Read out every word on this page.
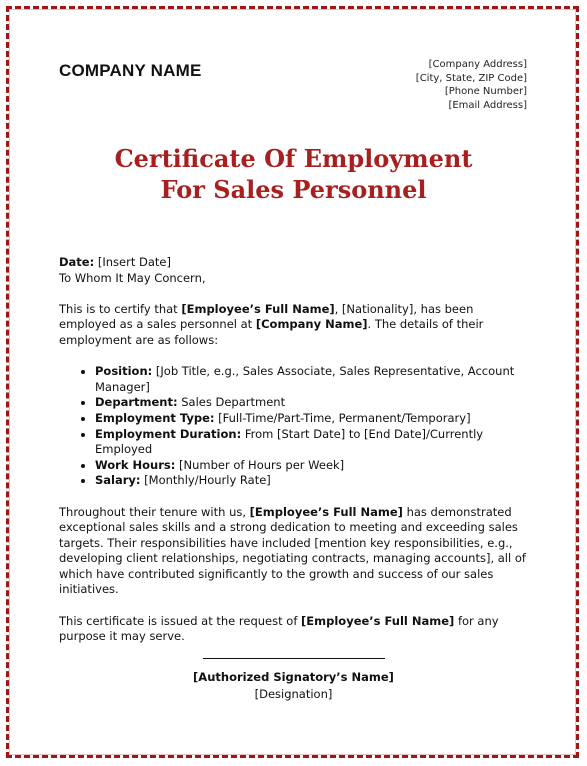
COMPANY NAME	[Company Address]
[City, State, ZIP Code]
[Phone Number]
[Email Address]
Certificate Of Employment
For Sales Personnel

Date: [Insert Date]

To Whom It May Concern,

This is to certify that [Employee’s Full Name], [Nationality], has been employed as a sales personnel at [Company Name]. The details of their employment are as follows:

• Position: [Job Title, e.g., Sales Associate, Sales Representative, Account Manager]
• Department: Sales Department
• Employment Type: [Full-Time/Part-Time, Permanent/Temporary]
• Employment Duration: From [Start Date] to [End Date]/Currently Employed
• Work Hours: [Number of Hours per Week]
• Salary: [Monthly/Hourly Rate]

Throughout their tenure with us, [Employee’s Full Name] has demonstrated exceptional sales skills and a strong dedication to meeting and exceeding sales targets. Their responsibilities have included [mention key responsibilities, e.g., developing client relationships, negotiating contracts, managing accounts], all of which have contributed significantly to the growth and success of our sales initiatives.

This certificate is issued at the request of [Employee’s Full Name] for any purpose it may serve.

[Authorized Signatory’s Name]
[Designation]
